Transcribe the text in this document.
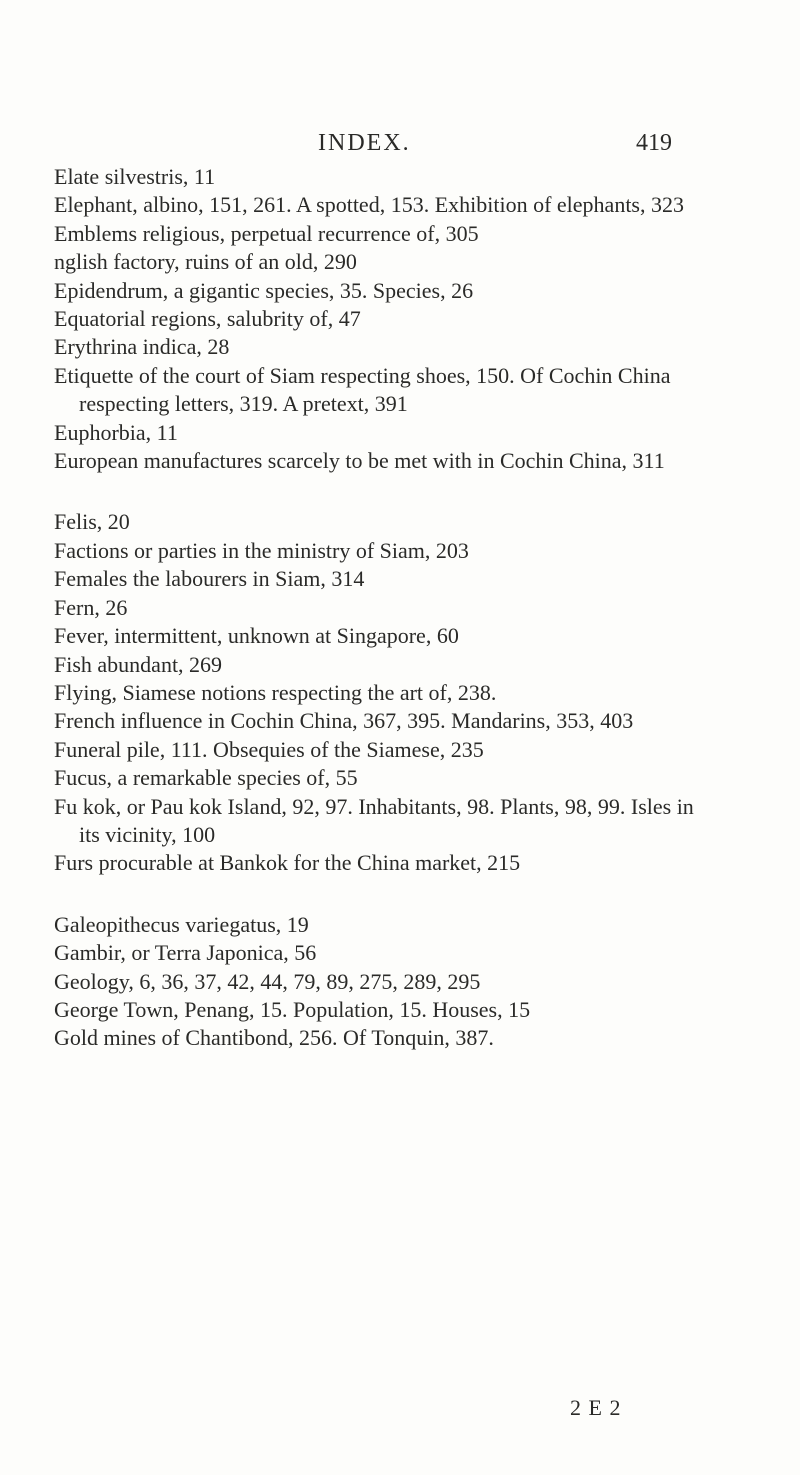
INDEX.	419

Elate silvestris, 11

Elephant, albino, 151, 261. A spotted, 153. Exhibition of elephants, 323

Emblems religious, perpetual recurrence of, 305

nglish factory, ruins of an old, 290

Epidendrum, a gigantic species, 35. Species, 26

Equatorial regions, salubrity of, 47

Erythrina indica, 28

Etiquette of the court of Siam respecting shoes, 150. Of Cochin China respecting letters, 319. A pretext, 391

Euphorbia, 11

European manufactures scarcely to be met with in Cochin China, 311

Felis, 20

Factions or parties in the ministry of Siam, 203

Females the labourers in Siam, 314

Fern, 26

Fever, intermittent, unknown at Singapore, 60

Fish abundant, 269

Flying, Siamese notions respecting the art of, 238.

French influence in Cochin China, 367, 395. Mandarins, 353, 403

Funeral pile, 111. Obsequies of the Siamese, 235

Fucus, a remarkable species of, 55

Fu kok, or Pau kok Island, 92, 97. Inhabitants, 98. Plants, 98, 99. Isles in its vicinity, 100

Furs procurable at Bankok for the China market, 215

Galeopithecus variegatus, 19

Gambir, or Terra Japonica, 56

Geology, 6, 36, 37, 42, 44, 79, 89, 275, 289, 295

George Town, Penang, 15. Population, 15. Houses, 15

Gold mines of Chantibond, 256. Of Tonquin, 387.

2 E 2
